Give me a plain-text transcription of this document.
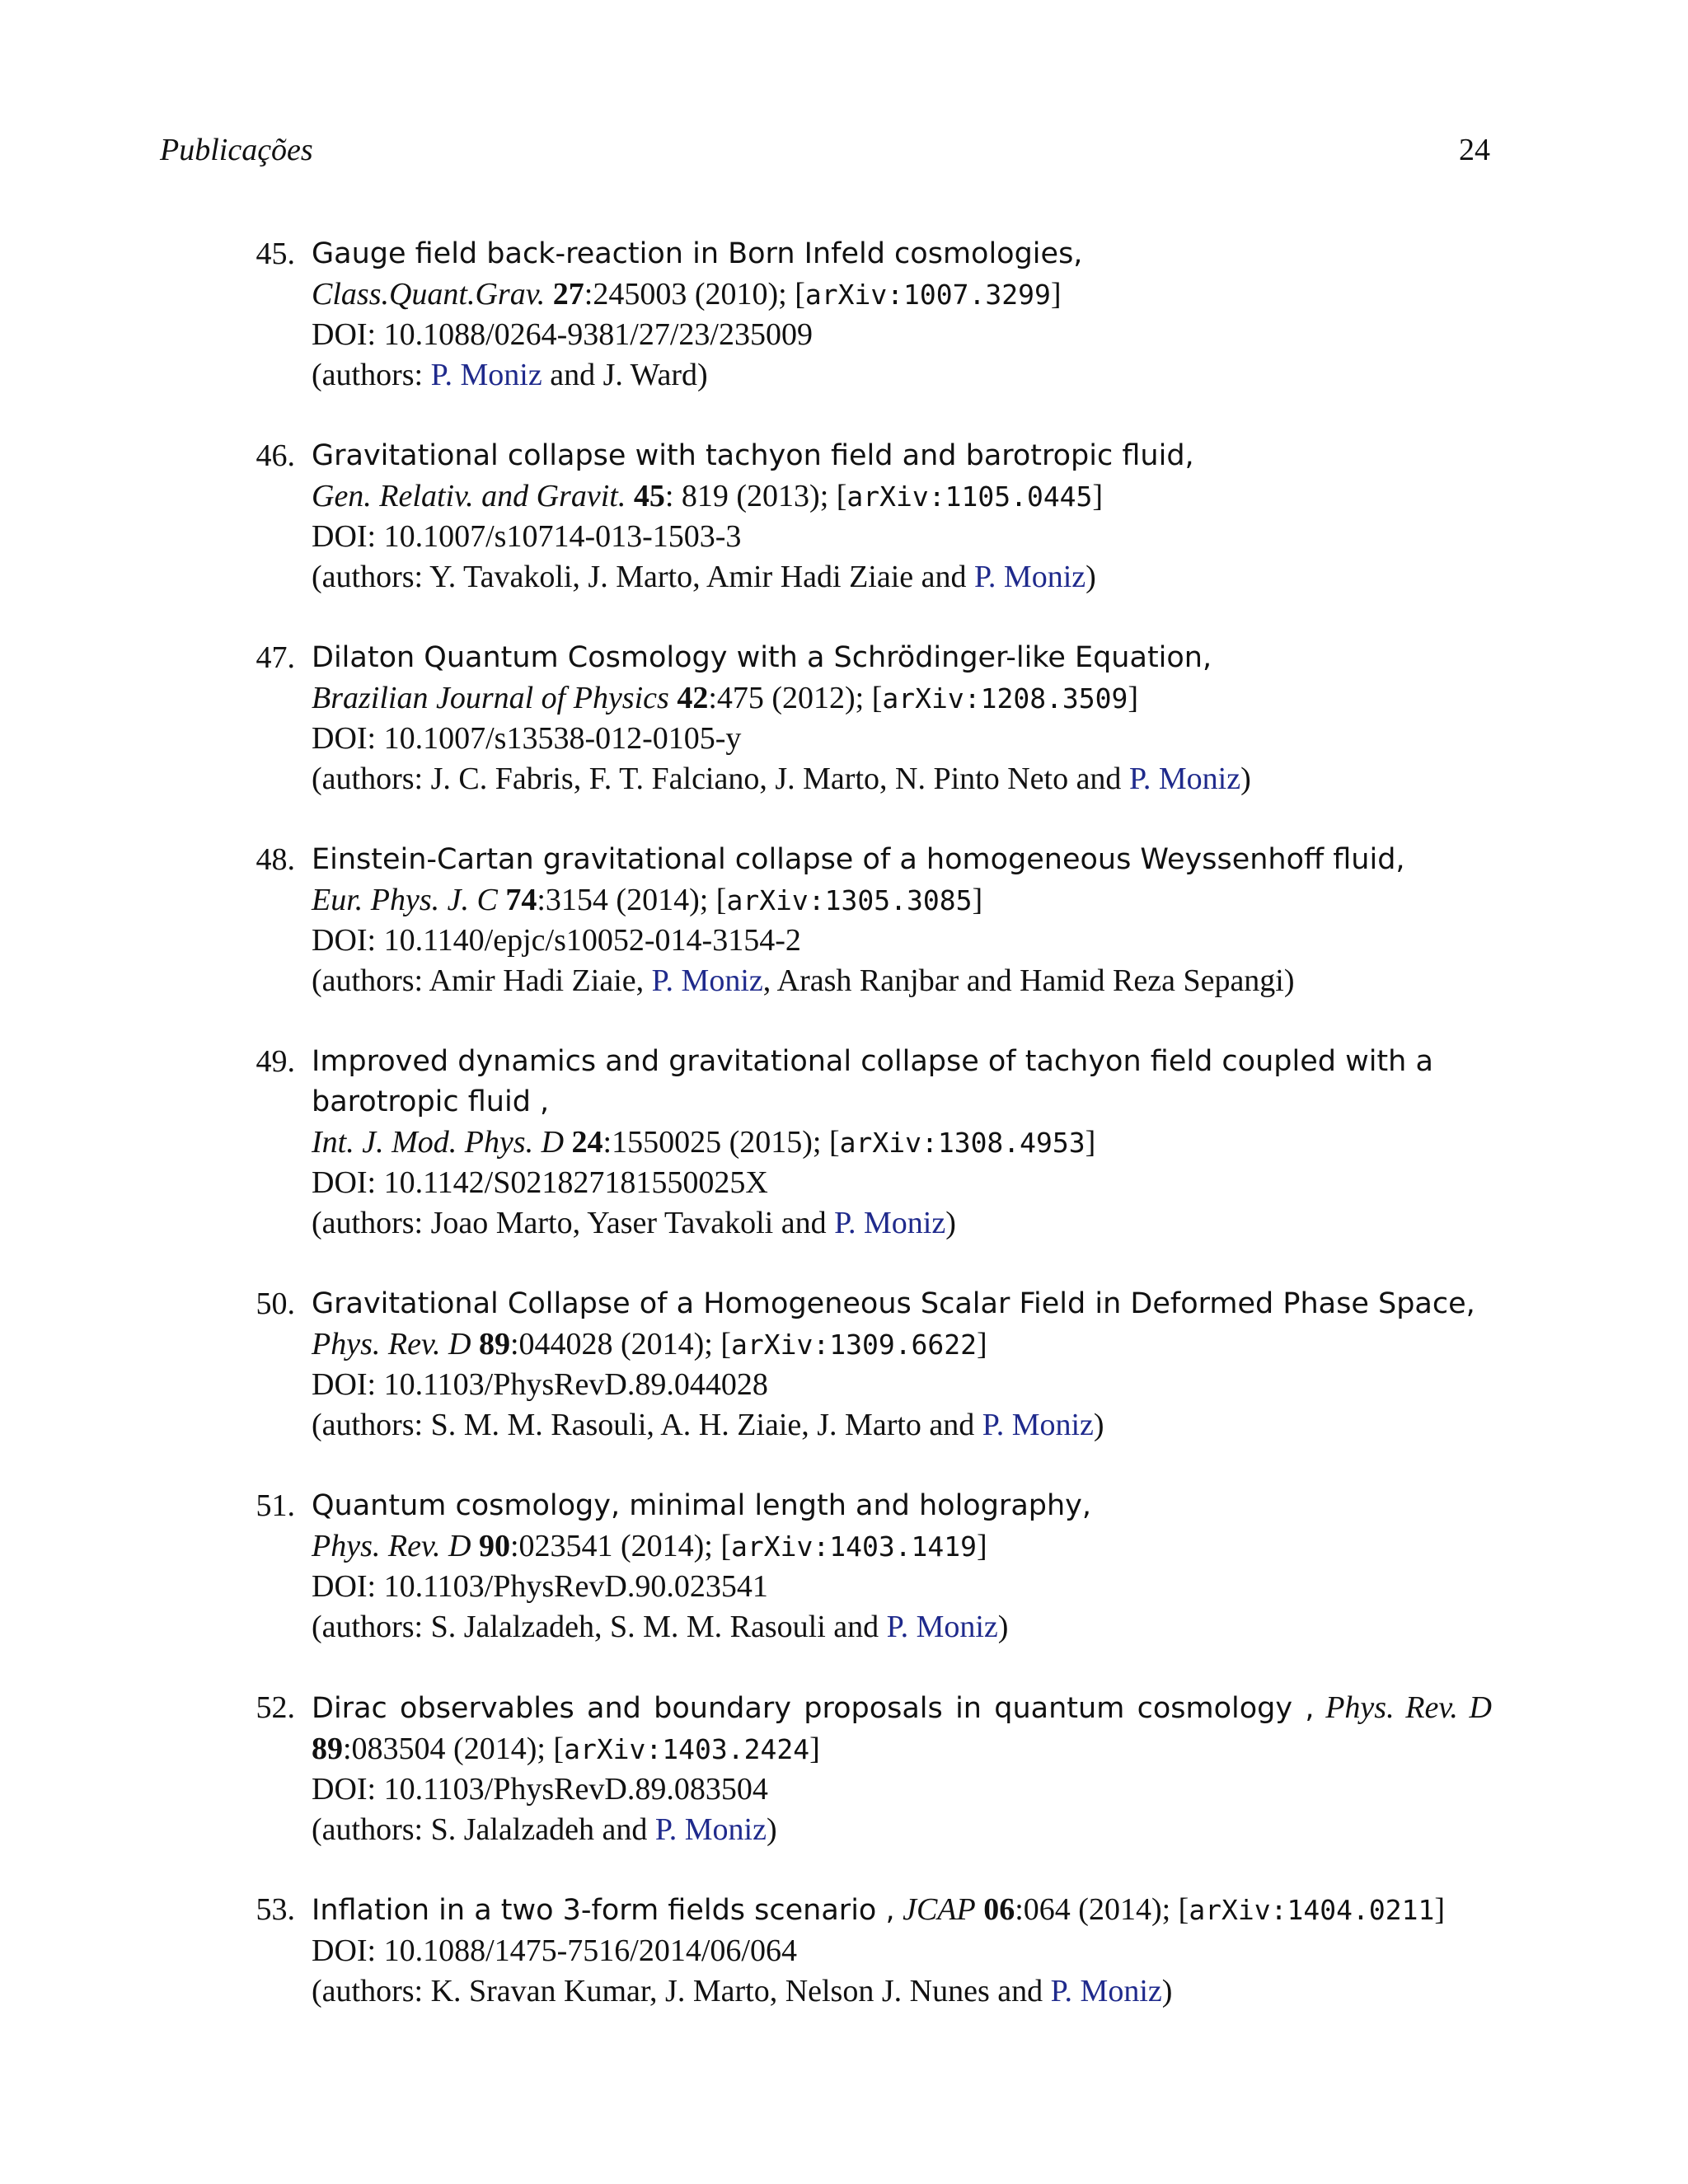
Publicações	24
45. Gauge field back-reaction in Born Infeld cosmologies,
Class.Quant.Grav. 27:245003 (2010); [arXiv:1007.3299]
DOI: 10.1088/0264-9381/27/23/235009
(authors: P. Moniz and J. Ward)
46. Gravitational collapse with tachyon field and barotropic fluid,
Gen. Relativ. and Gravit. 45: 819 (2013); [arXiv:1105.0445]
DOI: 10.1007/s10714-013-1503-3
(authors: Y. Tavakoli, J. Marto, Amir Hadi Ziaie and P. Moniz)
47. Dilaton Quantum Cosmology with a Schrödinger-like Equation,
Brazilian Journal of Physics 42:475 (2012); [arXiv:1208.3509]
DOI: 10.1007/s13538-012-0105-y
(authors: J. C. Fabris, F. T. Falciano, J. Marto, N. Pinto Neto and P. Moniz)
48. Einstein-Cartan gravitational collapse of a homogeneous Weyssenhoff fluid,
Eur. Phys. J. C 74:3154 (2014); [arXiv:1305.3085]
DOI: 10.1140/epjc/s10052-014-3154-2
(authors: Amir Hadi Ziaie, P. Moniz, Arash Ranjbar and Hamid Reza Sepangi)
49. Improved dynamics and gravitational collapse of tachyon field coupled with a barotropic fluid ,
Int. J. Mod. Phys. D 24:1550025 (2015); [arXiv:1308.4953]
DOI: 10.1142/S021827181550025X
(authors: Joao Marto, Yaser Tavakoli and P. Moniz)
50. Gravitational Collapse of a Homogeneous Scalar Field in Deformed Phase Space,
Phys. Rev. D 89:044028 (2014); [arXiv:1309.6622]
DOI: 10.1103/PhysRevD.89.044028
(authors: S. M. M. Rasouli, A. H. Ziaie, J. Marto and P. Moniz)
51. Quantum cosmology, minimal length and holography,
Phys. Rev. D 90:023541 (2014); [arXiv:1403.1419]
DOI: 10.1103/PhysRevD.90.023541
(authors: S. Jalalzadeh, S. M. M. Rasouli and P. Moniz)
52. Dirac observables and boundary proposals in quantum cosmology , Phys. Rev. D 89:083504 (2014); [arXiv:1403.2424]
DOI: 10.1103/PhysRevD.89.083504
(authors: S. Jalalzadeh and P. Moniz)
53. Inflation in a two 3-form fields scenario , JCAP 06:064 (2014); [arXiv:1404.0211]
DOI: 10.1088/1475-7516/2014/06/064
(authors: K. Sravan Kumar, J. Marto, Nelson J. Nunes and P. Moniz)
